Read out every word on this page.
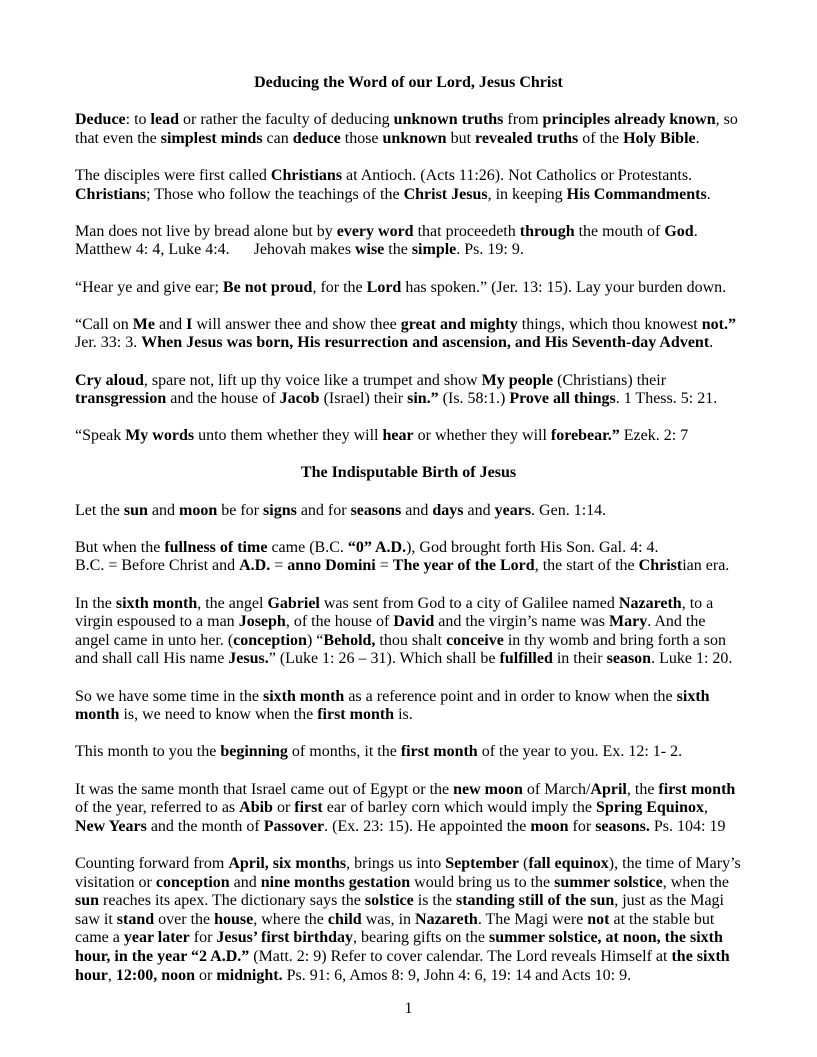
Deducing the Word of our Lord, Jesus Christ

Deduce: to lead or rather the faculty of deducing unknown truths from principles already known, so that even the simplest minds can deduce those unknown but revealed truths of the Holy Bible.

The disciples were first called Christians at Antioch. (Acts 11:26). Not Catholics or Protestants. Christians; Those who follow the teachings of the Christ Jesus, in keeping His Commandments.

Man does not live by bread alone but by every word that proceedeth through the mouth of God. Matthew 4: 4, Luke 4:4.      Jehovah makes wise the simple. Ps. 19: 9.

“Hear ye and give ear; Be not proud, for the Lord has spoken.” (Jer. 13: 15). Lay your burden down.

“Call on Me and I will answer thee and show thee great and mighty things, which thou knowest not.” Jer. 33: 3. When Jesus was born, His resurrection and ascension, and His Seventh-day Advent.

Cry aloud, spare not, lift up thy voice like a trumpet and show My people (Christians) their transgression and the house of Jacob (Israel) their sin.” (Is. 58:1.) Prove all things. 1 Thess. 5: 21.

“Speak My words unto them whether they will hear or whether they will forebear.” Ezek. 2: 7

The Indisputable Birth of Jesus

Let the sun and moon be for signs and for seasons and days and years. Gen. 1:14.

But when the fullness of time came (B.C. “0” A.D.), God brought forth His Son. Gal. 4: 4.
B.C. = Before Christ and A.D. = anno Domini = The year of the Lord, the start of the Christian era.

In the sixth month, the angel Gabriel was sent from God to a city of Galilee named Nazareth, to a virgin espoused to a man Joseph, of the house of David and the virgin’s name was Mary. And the angel came in unto her. (conception) “Behold, thou shalt conceive in thy womb and bring forth a son and shall call His name Jesus.” (Luke 1: 26 – 31). Which shall be fulfilled in their season. Luke 1: 20.

So we have some time in the sixth month as a reference point and in order to know when the sixth month is, we need to know when the first month is.

This month to you the beginning of months, it the first month of the year to you. Ex. 12: 1- 2.

It was the same month that Israel came out of Egypt or the new moon of March/April, the first month of the year, referred to as Abib or first ear of barley corn which would imply the Spring Equinox, New Years and the month of Passover. (Ex. 23: 15). He appointed the moon for seasons. Ps. 104: 19

Counting forward from April, six months, brings us into September (fall equinox), the time of Mary’s visitation or conception and nine months gestation would bring us to the summer solstice, when the sun reaches its apex. The dictionary says the solstice is the standing still of the sun, just as the Magi saw it stand over the house, where the child was, in Nazareth. The Magi were not at the stable but came a year later for Jesus’ first birthday, bearing gifts on the summer solstice, at noon, the sixth hour, in the year “2 A.D.” (Matt. 2: 9) Refer to cover calendar. The Lord reveals Himself at the sixth hour, 12:00, noon or midnight. Ps. 91: 6, Amos 8: 9, John 4: 6, 19: 14 and Acts 10: 9.

1
